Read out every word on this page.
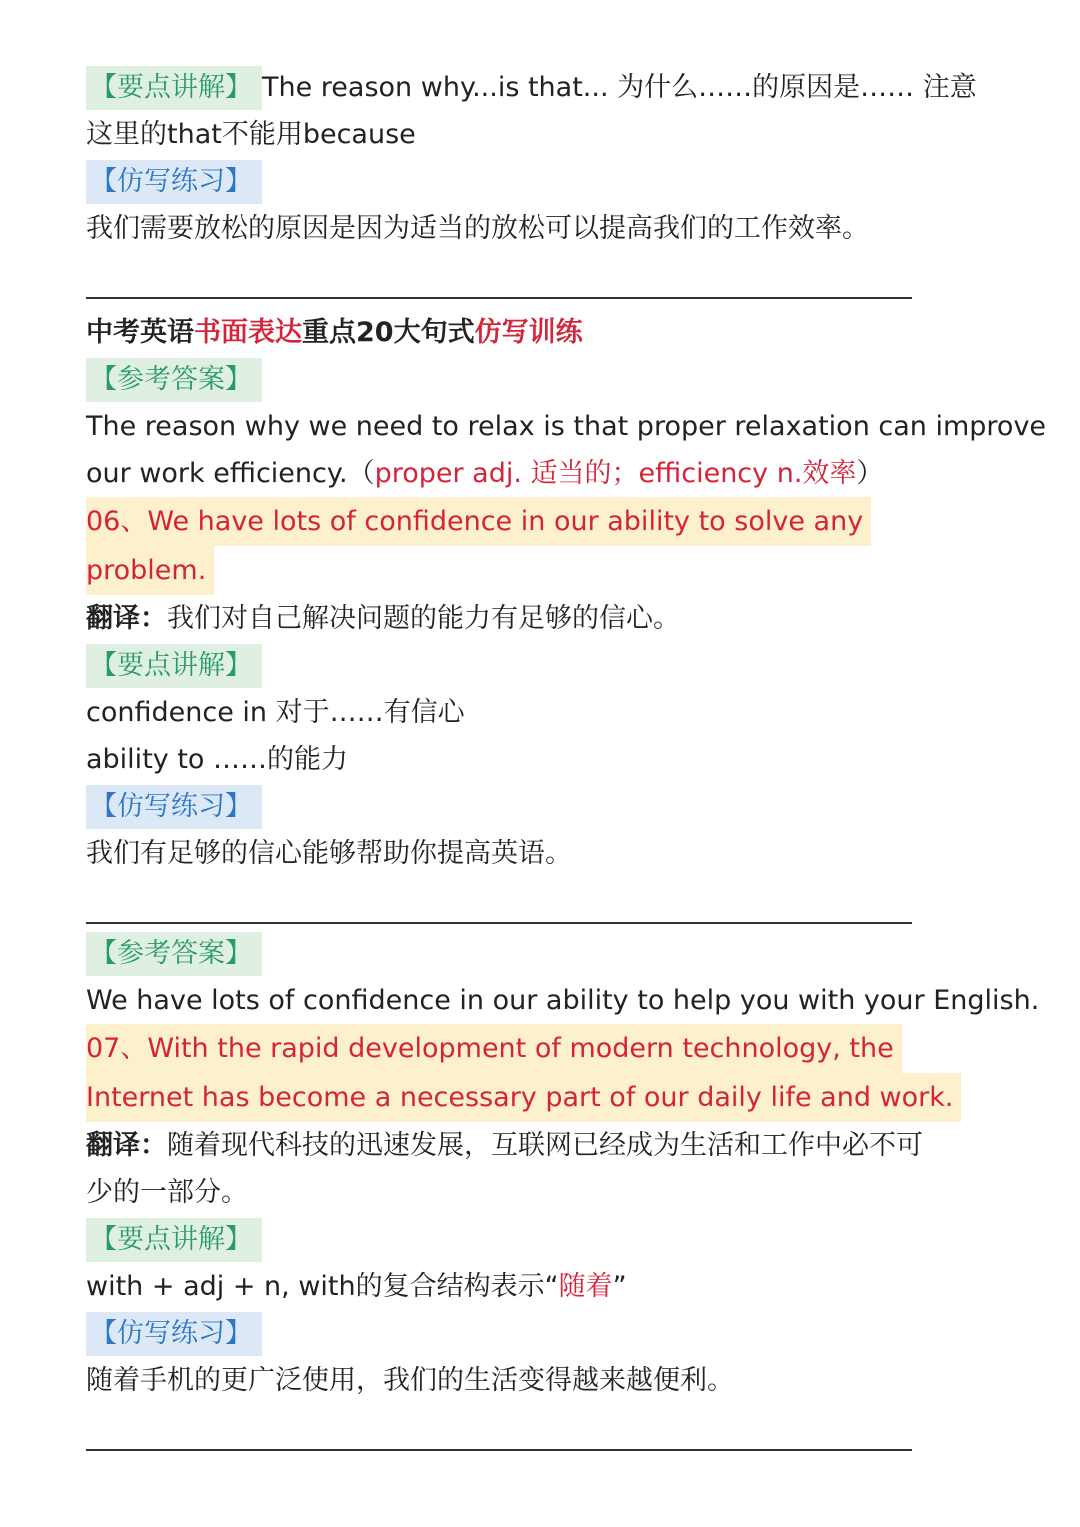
【要点讲解】 The reason why...is that... 为什么……的原因是…… 注意
这里的that不能用because
【仿写练习】
我们需要放松的原因是因为适当的放松可以提高我们的工作效率。
中考英语书面表达重点20大句式仿写训练
【参考答案】
The reason why we need to relax is that proper relaxation can improve
our work efficiency.（proper adj. 适当的；efficiency n.效率）
06、We have lots of confidence in our ability to solve any
problem.
翻译：我们对自己解决问题的能力有足够的信心。
【要点讲解】
confidence in 对于……有信心
ability to ……的能力
【仿写练习】
我们有足够的信心能够帮助你提高英语。
【参考答案】
We have lots of confidence in our ability to help you with your English.
07、With the rapid development of modern technology, the
Internet has become a necessary part of our daily life and work.
翻译：随着现代科技的迅速发展，互联网已经成为生活和工作中必不可
少的一部分。
【要点讲解】
with + adj + n, with的复合结构表示“随着”
【仿写练习】
随着手机的更广泛使用，我们的生活变得越来越便利。
